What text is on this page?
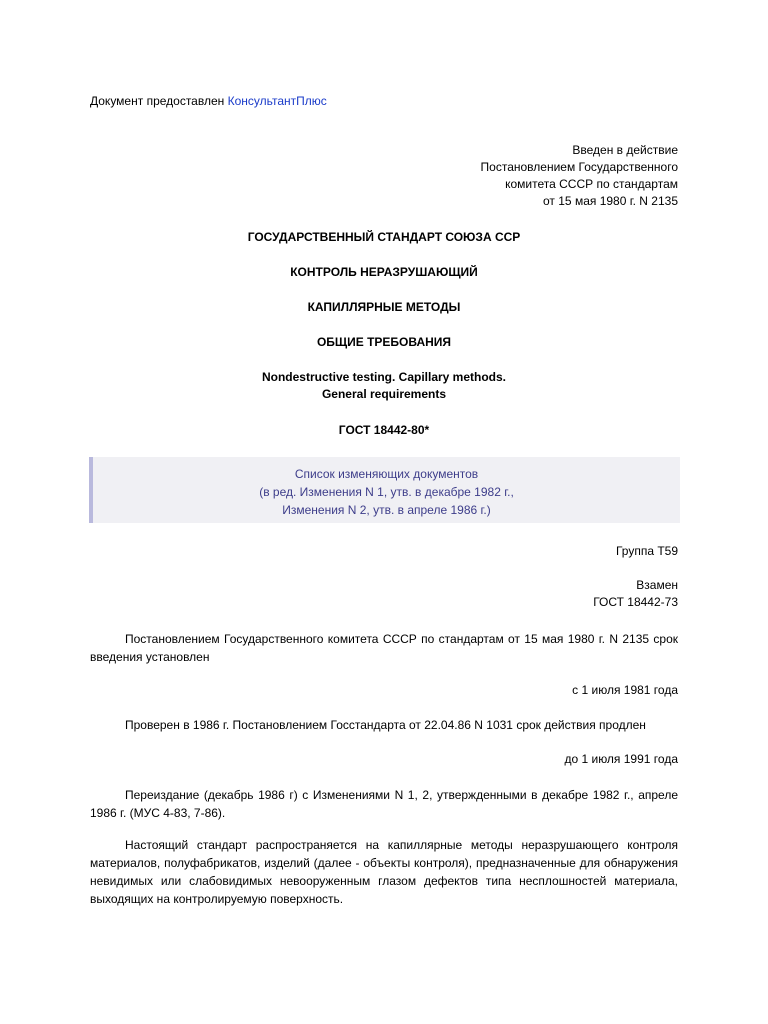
Документ предоставлен КонсультантПлюс
Введен в действие
Постановлением Государственного
комитета СССР по стандартам
от 15 мая 1980 г. N 2135
ГОСУДАРСТВЕННЫЙ СТАНДАРТ СОЮЗА ССР
КОНТРОЛЬ НЕРАЗРУШАЮЩИЙ
КАПИЛЛЯРНЫЕ МЕТОДЫ
ОБЩИЕ ТРЕБОВАНИЯ
Nondestructive testing. Capillary methods.
General requirements
ГОСТ 18442-80*
Список изменяющих документов
(в ред. Изменения N 1, утв. в декабре 1982 г.,
Изменения N 2, утв. в апреле 1986 г.)
Группа Т59
Взамен
ГОСТ 18442-73
Постановлением Государственного комитета СССР по стандартам от 15 мая 1980 г. N 2135 срок введения установлен
с 1 июля 1981 года
Проверен в 1986 г. Постановлением Госстандарта от 22.04.86 N 1031 срок действия продлен
до 1 июля 1991 года
Переиздание (декабрь 1986 г) с Изменениями N 1, 2, утвержденными в декабре 1982 г., апреле 1986 г. (МУС 4-83, 7-86).
Настоящий стандарт распространяется на капиллярные методы неразрушающего контроля материалов, полуфабрикатов, изделий (далее - объекты контроля), предназначенные для обнаружения невидимых или слабовидимых невооруженным глазом дефектов типа несплошностей материала, выходящих на контролируемую поверхность.
